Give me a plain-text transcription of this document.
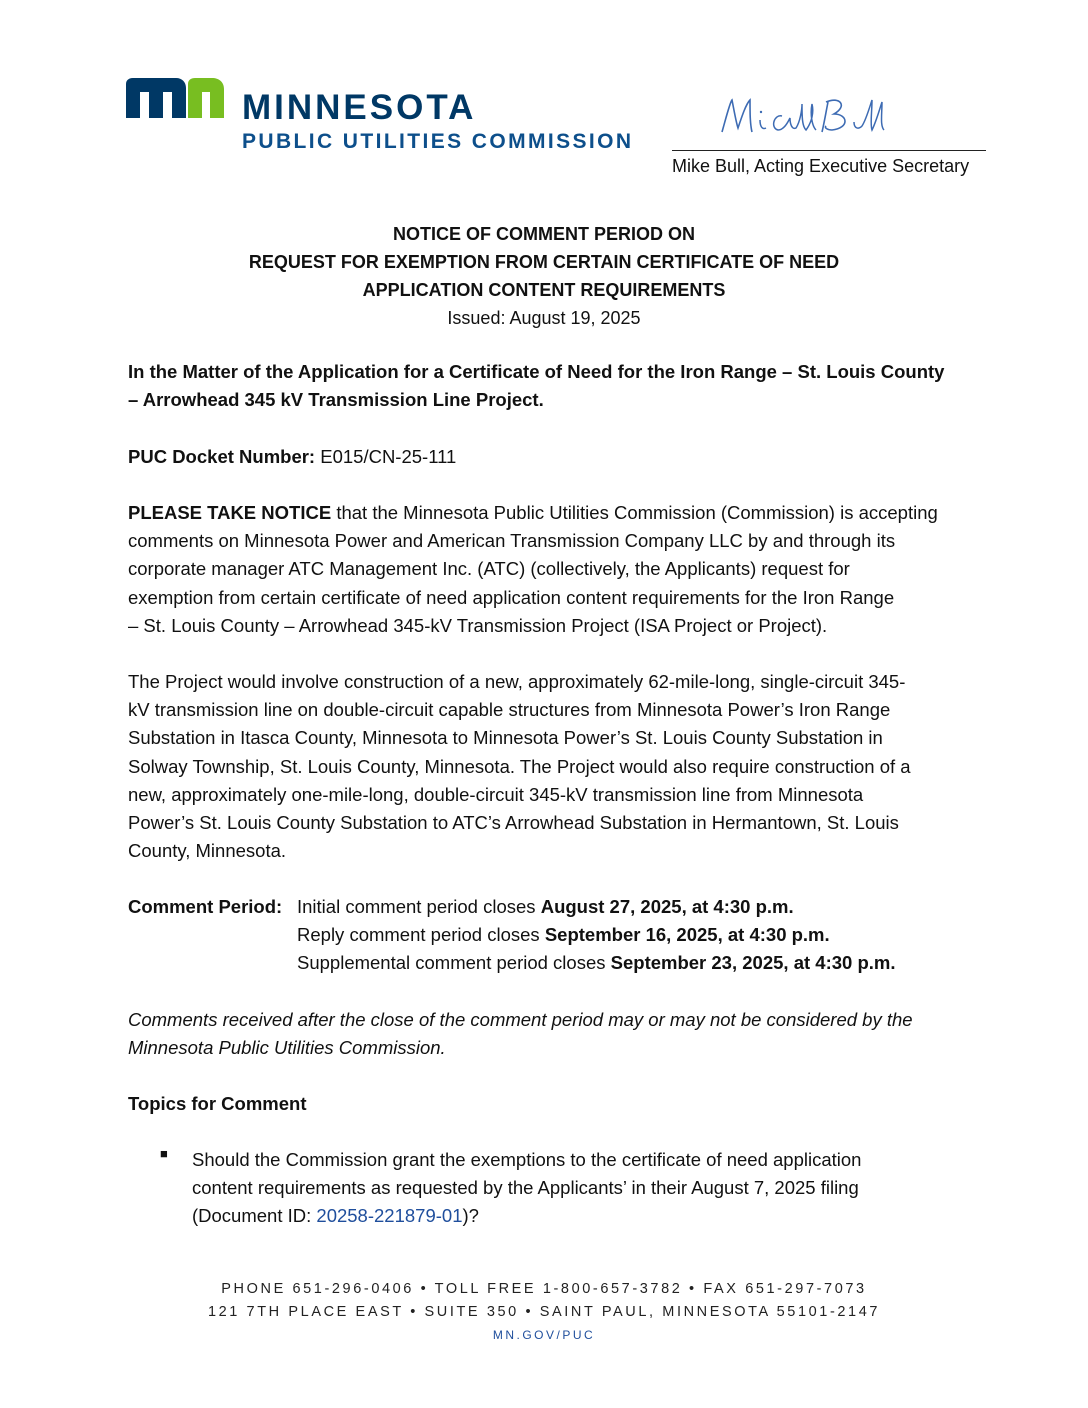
MINNESOTA
PUBLIC UTILITIES COMMISSION
Mike Bull, Acting Executive Secretary
NOTICE OF COMMENT PERIOD ON
REQUEST FOR EXEMPTION FROM CERTAIN CERTIFICATE OF NEED
APPLICATION CONTENT REQUIREMENTS
Issued: August 19, 2025
In the Matter of the Application for a Certificate of Need for the Iron Range – St. Louis County
– Arrowhead 345 kV Transmission Line Project.
PUC Docket Number: E015/CN-25-111
PLEASE TAKE NOTICE that the Minnesota Public Utilities Commission (Commission) is accepting
comments on Minnesota Power and American Transmission Company LLC by and through its
corporate manager ATC Management Inc. (ATC) (collectively, the Applicants) request for
exemption from certain certificate of need application content requirements for the Iron Range
– St. Louis County – Arrowhead 345-kV Transmission Project (ISA Project or Project).
The Project would involve construction of a new, approximately 62-mile-long, single-circuit 345-
kV transmission line on double-circuit capable structures from Minnesota Power’s Iron Range
Substation in Itasca County, Minnesota to Minnesota Power’s St. Louis County Substation in
Solway Township, St. Louis County, Minnesota. The Project would also require construction of a
new, approximately one-mile-long, double-circuit 345-kV transmission line from Minnesota
Power’s St. Louis County Substation to ATC’s Arrowhead Substation in Hermantown, St. Louis
County, Minnesota.
Comment Period: Initial comment period closes August 27, 2025, at 4:30 p.m.
Reply comment period closes September 16, 2025, at 4:30 p.m.
Supplemental comment period closes September 23, 2025, at 4:30 p.m.
Comments received after the close of the comment period may or may not be considered by the
Minnesota Public Utilities Commission.
Topics for Comment
■ Should the Commission grant the exemptions to the certificate of need application
content requirements as requested by the Applicants’ in their August 7, 2025 filing
(Document ID: 20258-221879-01)?
PHONE 651-296-0406 • TOLL FREE 1-800-657-3782 • FAX 651-297-7073
121 7TH PLACE EAST • SUITE 350 • SAINT PAUL, MINNESOTA 55101-2147
MN.GOV/PUC
